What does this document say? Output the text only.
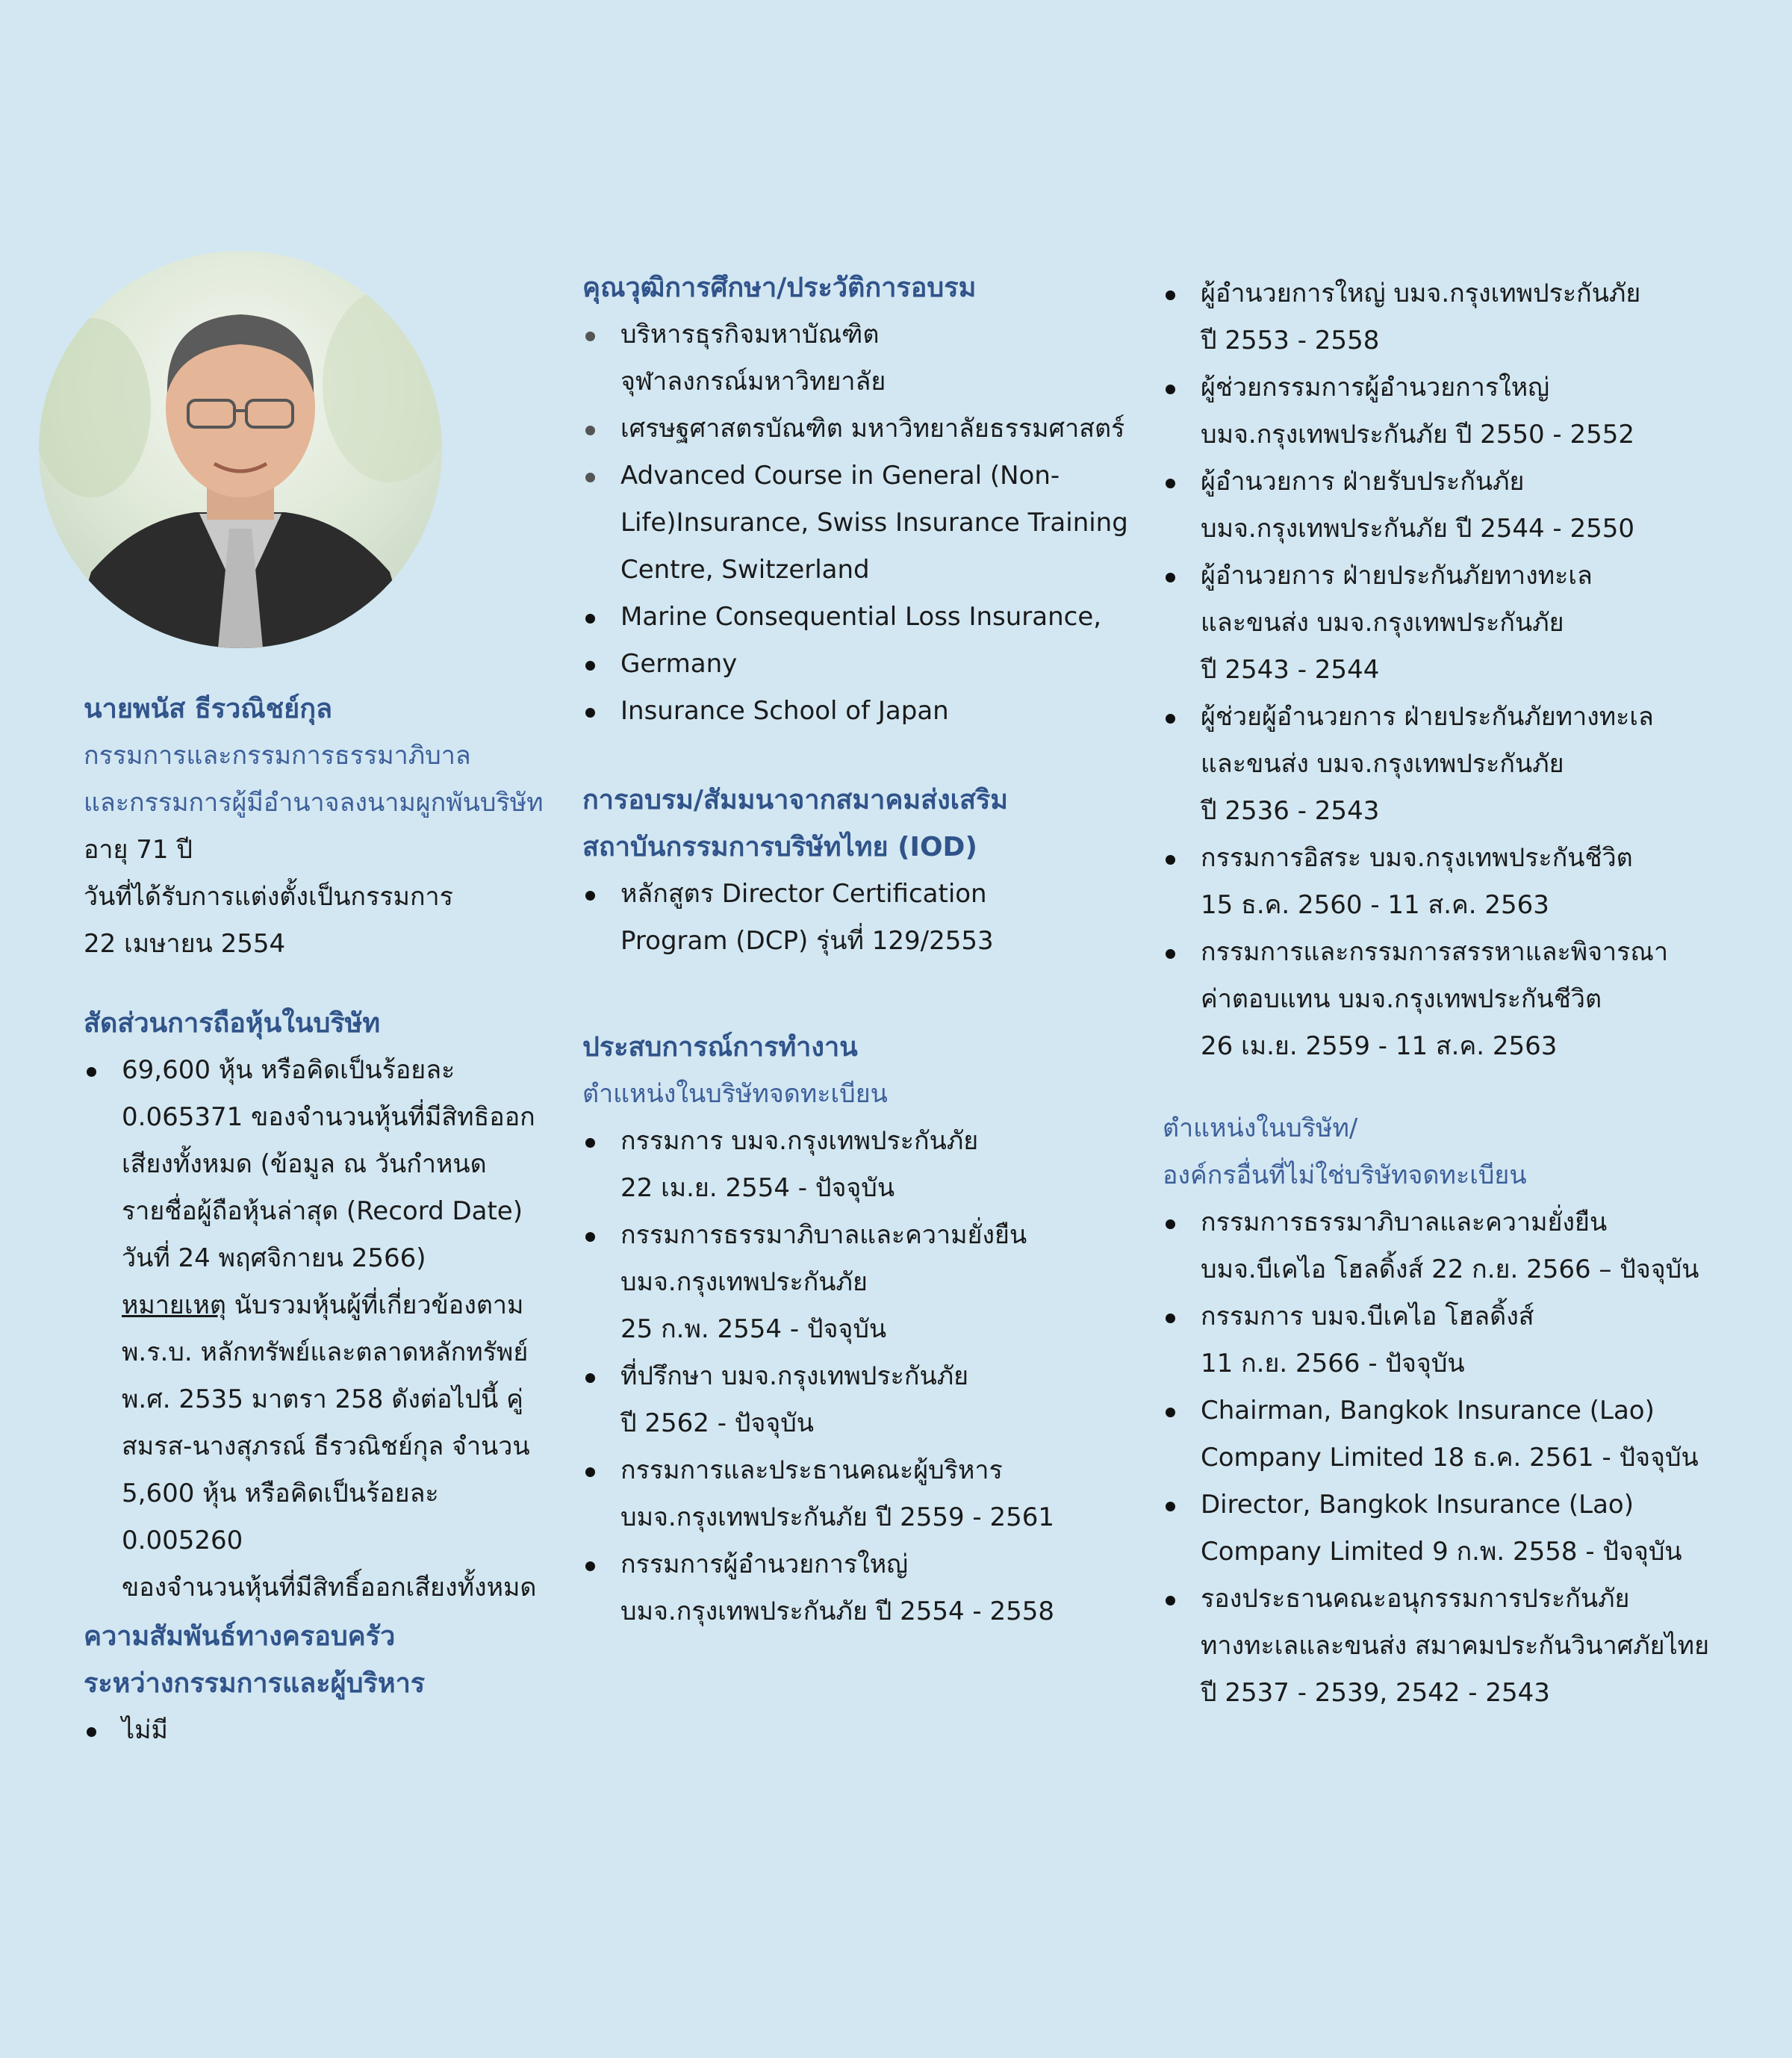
นายพนัส ธีรวณิชย์กุล

กรรมการและกรรมการธรรมาภิบาล

และกรรมการผู้มีอำนาจลงนามผูกพันบริษัท

อายุ 71 ปี

วันที่ได้รับการแต่งตั้งเป็นกรรมการ

22 เมษายน 2554

สัดส่วนการถือหุ้นในบริษัท

69,600 หุ้น หรือคิดเป็นร้อยละ
0.065371 ของจำนวนหุ้นที่มีสิทธิออก
เสียงทั้งหมด (ข้อมูล ณ วันกำหนด
รายชื่อผู้ถือหุ้นล่าสุด (Record Date)
วันที่ 24 พฤศจิกายน 2566)
หมายเหตุ นับรวมหุ้นผู้ที่เกี่ยวข้องตาม
พ.ร.บ. หลักทรัพย์และตลาดหลักทรัพย์
พ.ศ. 2535 มาตรา 258 ดังต่อไปนี้ คู่
สมรส-นางสุภรณ์ ธีรวณิชย์กุล จำนวน
5,600 หุ้น หรือคิดเป็นร้อยละ 0.005260
ของจำนวนหุ้นที่มีสิทธิ์ออกเสียงทั้งหมด

ความสัมพันธ์ทางครอบครัว

ระหว่างกรรมการและผู้บริหาร

ไม่มี

คุณวุฒิการศึกษา/ประวัติการอบรม

บริหารธุรกิจมหาบัณฑิต
จุฬาลงกรณ์มหาวิทยาลัย
เศรษฐศาสตรบัณฑิต มหาวิทยาลัยธรรมศาสตร์
Advanced Course in General (Non-
Life)Insurance, Swiss Insurance Training
Centre, Switzerland
Marine Consequential Loss Insurance,
Germany
Insurance School of Japan

การอบรม/สัมมนาจากสมาคมส่งเสริม

สถาบันกรรมการบริษัทไทย (IOD)

หลักสูตร Director Certification
Program (DCP) รุ่นที่ 129/2553

ประสบการณ์การทำงาน

ตำแหน่งในบริษัทจดทะเบียน

กรรมการ บมจ.กรุงเทพประกันภัย
22 เม.ย. 2554 - ปัจจุบัน
กรรมการธรรมาภิบาลและความยั่งยืน
บมจ.กรุงเทพประกันภัย
25 ก.พ. 2554 - ปัจจุบัน
ที่ปรึกษา บมจ.กรุงเทพประกันภัย
ปี 2562 - ปัจจุบัน
กรรมการและประธานคณะผู้บริหาร
บมจ.กรุงเทพประกันภัย ปี 2559 - 2561
กรรมการผู้อำนวยการใหญ่
บมจ.กรุงเทพประกันภัย ปี 2554 - 2558
ผู้อำนวยการใหญ่ บมจ.กรุงเทพประกันภัย
ปี 2553 - 2558
ผู้ช่วยกรรมการผู้อำนวยการใหญ่
บมจ.กรุงเทพประกันภัย ปี 2550 - 2552
ผู้อำนวยการ ฝ่ายรับประกันภัย
บมจ.กรุงเทพประกันภัย ปี 2544 - 2550
ผู้อำนวยการ ฝ่ายประกันภัยทางทะเล
และขนส่ง บมจ.กรุงเทพประกันภัย
ปี 2543 - 2544
ผู้ช่วยผู้อำนวยการ ฝ่ายประกันภัยทางทะเล
และขนส่ง บมจ.กรุงเทพประกันภัย
ปี 2536 - 2543
กรรมการอิสระ บมจ.กรุงเทพประกันชีวิต
15 ธ.ค. 2560 - 11 ส.ค. 2563
กรรมการและกรรมการสรรหาและพิจารณา
ค่าตอบแทน บมจ.กรุงเทพประกันชีวิต
26 เม.ย. 2559 - 11 ส.ค. 2563

ตำแหน่งในบริษัท/

องค์กรอื่นที่ไม่ใช่บริษัทจดทะเบียน

กรรมการธรรมาภิบาลและความยั่งยืน
บมจ.บีเคไอ โฮลดิ้งส์ 22 ก.ย. 2566 – ปัจจุบัน
กรรมการ บมจ.บีเคไอ โฮลดิ้งส์
11 ก.ย. 2566 - ปัจจุบัน
Chairman, Bangkok Insurance (Lao)
Company Limited 18 ธ.ค. 2561 - ปัจจุบัน
Director, Bangkok Insurance (Lao)
Company Limited 9 ก.พ. 2558 - ปัจจุบัน
รองประธานคณะอนุกรรมการประกันภัย
ทางทะเลและขนส่ง สมาคมประกันวินาศภัยไทย
ปี 2537 - 2539, 2542 - 2543
